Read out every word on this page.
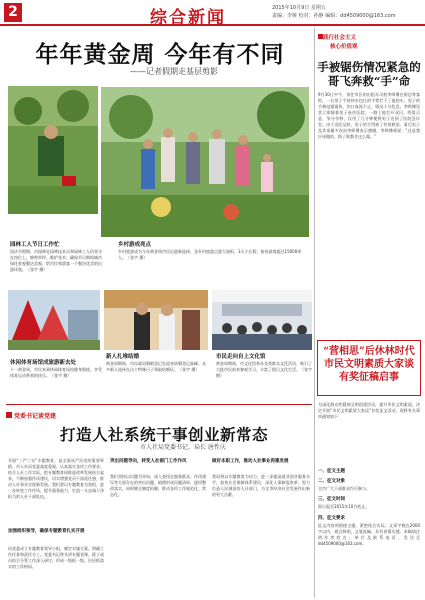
2	综合新闻	2015年10月9日 星期五
责编：李娅 校对：孙静 编辑：dd4509000@163.com
年年黄金周 今年有不同
——记者假期走基层剪影
园林工人节日工作忙
国庆节假期，市园林处园林技术员和园林工人仍坚守在岗位上，修剪草坪、维护花木，确保节日期间城市绿化景观整洁美观，给市民和游客一个整洁优美的出游环境。（张宇 摄）
乡村游成亮点
乡村旅游成为今年黄金周市民出游新选择，各乡村旅游点游人如织，3天小长假，接待游客超过15000余人。（张宇 摄）
休闲体育场馆成旅游新去处
十一黄金周，市民来到休闲体育场馆健身锻炼，享受体育运动带来的快乐。（张宇 摄）
新人扎堆结婚
黄金周期间，市民政局婚姻登记处迎来结婚登记高峰，众多新人选择在这个特殊日子领取结婚证。（张宇 摄）
市民走向自上文化馆
黄金周期间，市文化馆举办各类群众文化活动，吸引了大批市民前来参观学习，丰富了假日文化生活。（张宇 摄）
践行社会主义
核心价值观
手被锯伤情况紧急的哥飞奔救“手”命
9月30日中午，家住市区的出租车司机李师傅在街边等客时，一名男子手持纱布包扎的手掌拦下了他的车，男子的手被电锯锯伤，伤口血流不止，情况十分危急。李师傅见状立即载着男子赶往医院，一路上他打开双闪，鸣笛示意，争分夺秒，仅用了几分钟便将男子送到了医院急诊室。由于送医及时，男子的手得到了有效救治。事后男子及其家属多次向李师傅表示感谢，李师傅却说：“这是我应该做的，换了谁都会这么做。”
“营相思”后休林时代市民文明素质大家谈有奖征稿启事
为深化群众性精神文明创建活动，提升市民文明素质，决定开展“市民文明素质大家谈”有奖征文活动。现将有关事项通知如下：
一、征文主题
二、征文对象
全市广大干部群众均可参与。
三、征文时间
即日起至2015年10月底止。
四、征文要求
征文内容须围绕主题，紧密结合实际，文章字数在2000字以内，观点鲜明，文笔流畅，具有真情实感。来稿请注明作者姓名、单位及联系电话，发送至dd4509000@163.com。
党委书记谈党建
打造人社系统干事创业新常态
市人社局党委书记、局长 唐性庆
开展“三严三实”专题教育，是全面从严治党的重要举措。市人社局党委高度重视，认真落实各项工作要求，结合人社工作实际，把专题教育同推进改革发展结合起来，不断加强作风建设，切实增强党员干部责任感，推动人社事业实现新发展。我们要以专题教育为契机，进一步转变工作作风，提升服务能力，打造一支忠诚干净担当的人社干部队伍。
加强组织领导，确保专题教育扎实开展
局党委成立专题教育领导小组，制定实施方案，明确工作任务和责任分工。党委书记带头讲专题党课，班子成员结合分管工作深入研讨，形成一级抓一级、层层抓落实的工作格局。
突出问题导向，转变人社部门工作作风
我们坚持以问题为导向，深入查找在服务群众、作风建设等方面存在的突出问题，梳理形成问题清单，逐项整改落实。同时健全制度机制，推动各项工作规范化、常态化。
做好本职工作，推动人社事业再建发展
我局将以专题教育为动力，进一步提高就业创业服务水平，加快社会保障体系建设，深化人事制度改革，努力打造人民满意的人社部门，为全市经济社会发展作出新的更大贡献。
